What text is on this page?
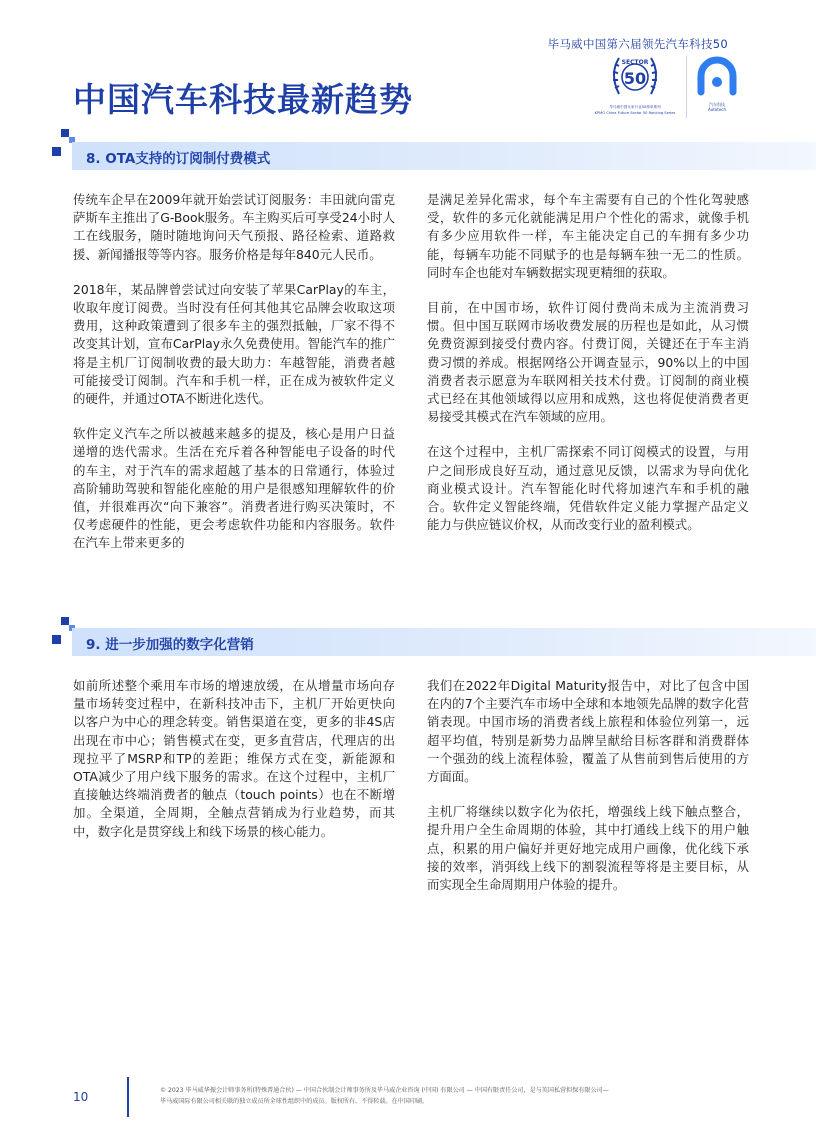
毕马威中国第六届领先汽车科技50
中国汽车科技最新趋势
SECTOR
50
毕马威中国未来行业50榜单系列
KPMG China Future Sector 50 Ranking Series
汽车科技
Autotech
8. OTA支持的订阅制付费模式

传统车企早在2009年就开始尝试订阅服务：丰田就向雷克萨斯车主推出了G-Book服务。车主购买后可享受24小时人工在线服务，随时随地询问天气预报、路径检索、道路救援、新闻播报等等内容。服务价格是每年840元人民币。

2018年，某品牌曾尝试过向安装了苹果CarPlay的车主，收取年度订阅费。当时没有任何其他其它品牌会收取这项费用，这种政策遭到了很多车主的强烈抵触，厂家不得不改变其计划，宣布CarPlay永久免费使用。智能汽车的推广将是主机厂订阅制收费的最大助力：车越智能，消费者越可能接受订阅制。汽车和手机一样，正在成为被软件定义的硬件，并通过OTA不断进化迭代。

软件定义汽车之所以被越来越多的提及，核心是用户日益递增的迭代需求。生活在充斥着各种智能电子设备的时代的车主，对于汽车的需求超越了基本的日常通行，体验过高阶辅助驾驶和智能化座舱的用户是很感知理解软件的价值，并很难再次“向下兼容”。消费者进行购买决策时，不仅考虑硬件的性能，更会考虑软件功能和内容服务。软件在汽车上带来更多的

是满足差异化需求，每个车主需要有自己的个性化驾驶感受，软件的多元化就能满足用户个性化的需求，就像手机有多少应用软件一样，车主能决定自己的车拥有多少功能，每辆车功能不同赋予的也是每辆车独一无二的性质。同时车企也能对车辆数据实现更精细的获取。

目前，在中国市场，软件订阅付费尚未成为主流消费习惯。但中国互联网市场收费发展的历程也是如此，从习惯免费资源到接受付费内容。付费订阅，关键还在于车主消费习惯的养成。根据网络公开调查显示，90%以上的中国消费者表示愿意为车联网相关技术付费。订阅制的商业模式已经在其他领域得以应用和成熟，这也将促使消费者更易接受其模式在汽车领域的应用。

在这个过程中，主机厂需探索不同订阅模式的设置，与用户之间形成良好互动，通过意见反馈，以需求为导向优化商业模式设计。汽车智能化时代将加速汽车和手机的融合。软件定义智能终端，凭借软件定义能力掌握产品定义能力与供应链议价权，从而改变行业的盈利模式。

9. 进一步加强的数字化营销

如前所述整个乘用车市场的增速放缓，在从增量市场向存量市场转变过程中，在新科技冲击下，主机厂开始更快向以客户为中心的理念转变。销售渠道在变，更多的非4S店出现在市中心；销售模式在变，更多直营店，代理店的出现拉平了MSRP和TP的差距；维保方式在变，新能源和OTA减少了用户线下服务的需求。在这个过程中，主机厂直接触达终端消费者的触点（touch points）也在不断增加。全渠道，全周期，全触点营销成为行业趋势，而其中，数字化是贯穿线上和线下场景的核心能力。

我们在2022年Digital Maturity报告中，对比了包含中国在内的7个主要汽车市场中全球和本地领先品牌的数字化营销表现。中国市场的消费者线上旅程和体验位列第一，远超平均值，特别是新势力品牌呈献给目标客群和消费群体一个强劲的线上流程体验，覆盖了从售前到售后使用的方方面面。

主机厂将继续以数字化为依托，增强线上线下触点整合，提升用户全生命周期的体验，其中打通线上线下的用户触点，积累的用户偏好并更好地完成用户画像，优化线下承接的效率，消弭线上线下的割裂流程等将是主要目标，从而实现全生命周期用户体验的提升。

10	© 2023 毕马威华振会计师事务所(特殊普通合伙) — 中国合伙制会计师事务所及毕马威企业咨询 (中国) 有限公司 — 中国有限责任公司，是与英国私营担保有限公司—
毕马威国际有限公司相关联的独立成员所全球性组织中的成员。版权所有，不得转载。在中国印刷。
